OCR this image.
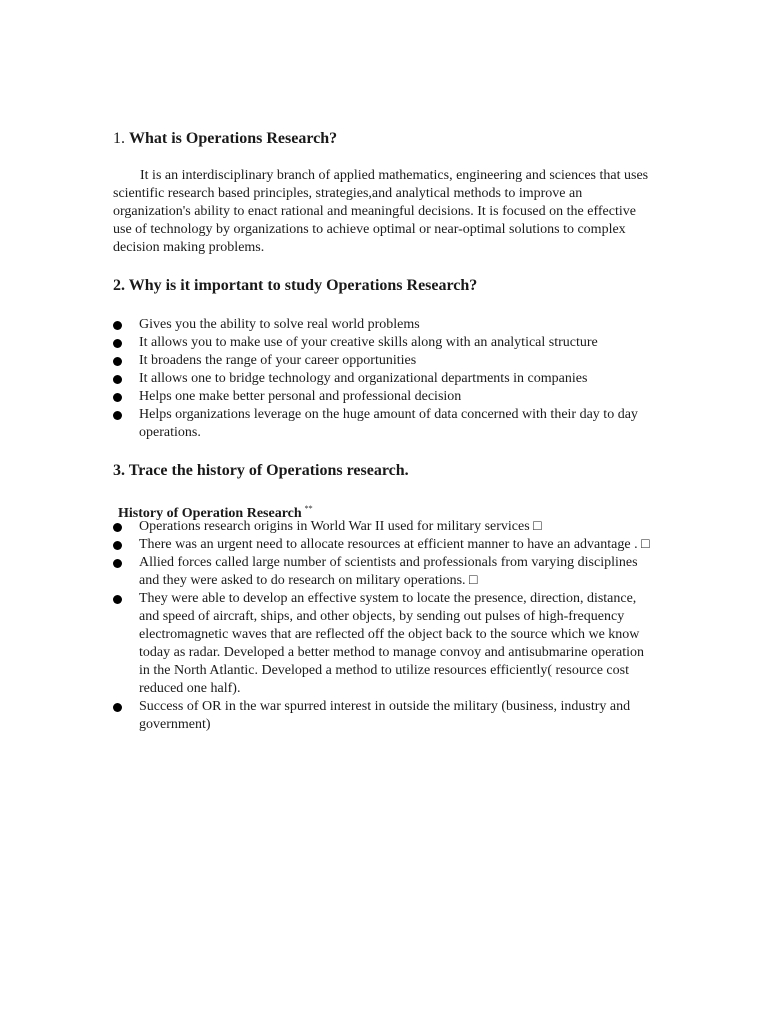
1. What is Operations Research?
It is an interdisciplinary branch of applied mathematics, engineering and sciences that uses scientific research based principles, strategies,and analytical methods to improve an organization's ability to enact rational and meaningful decisions. It is focused on the effective use of technology by organizations to achieve optimal or near-optimal solutions to complex decision making problems.
2. Why is it important to study Operations Research?
Gives you the ability to solve real world problems
It allows you to make use of your creative skills along with an analytical structure
It broadens the range of your career opportunities
It allows one to bridge technology and organizational departments in companies
Helps one make better personal and professional decision
Helps organizations leverage on the huge amount of data concerned with their day to day operations.
3. Trace the history of Operations research.
History of Operation Research **
Operations research origins in World War II used for military services □
There was an urgent need to allocate resources at efficient manner to have an advantage . □
Allied forces called large number of scientists and professionals from varying disciplines and they were asked to do research on military operations. □
They were able to develop an effective system to locate the presence, direction, distance, and speed of aircraft, ships, and other objects, by sending out pulses of high-frequency electromagnetic waves that are reflected off the object back to the source which we know today as radar. Developed a better method to manage convoy and antisubmarine operation in the North Atlantic. Developed a method to utilize resources efficiently( resource cost reduced one half).
Success of OR in the war spurred interest in outside the military (business, industry and government)
